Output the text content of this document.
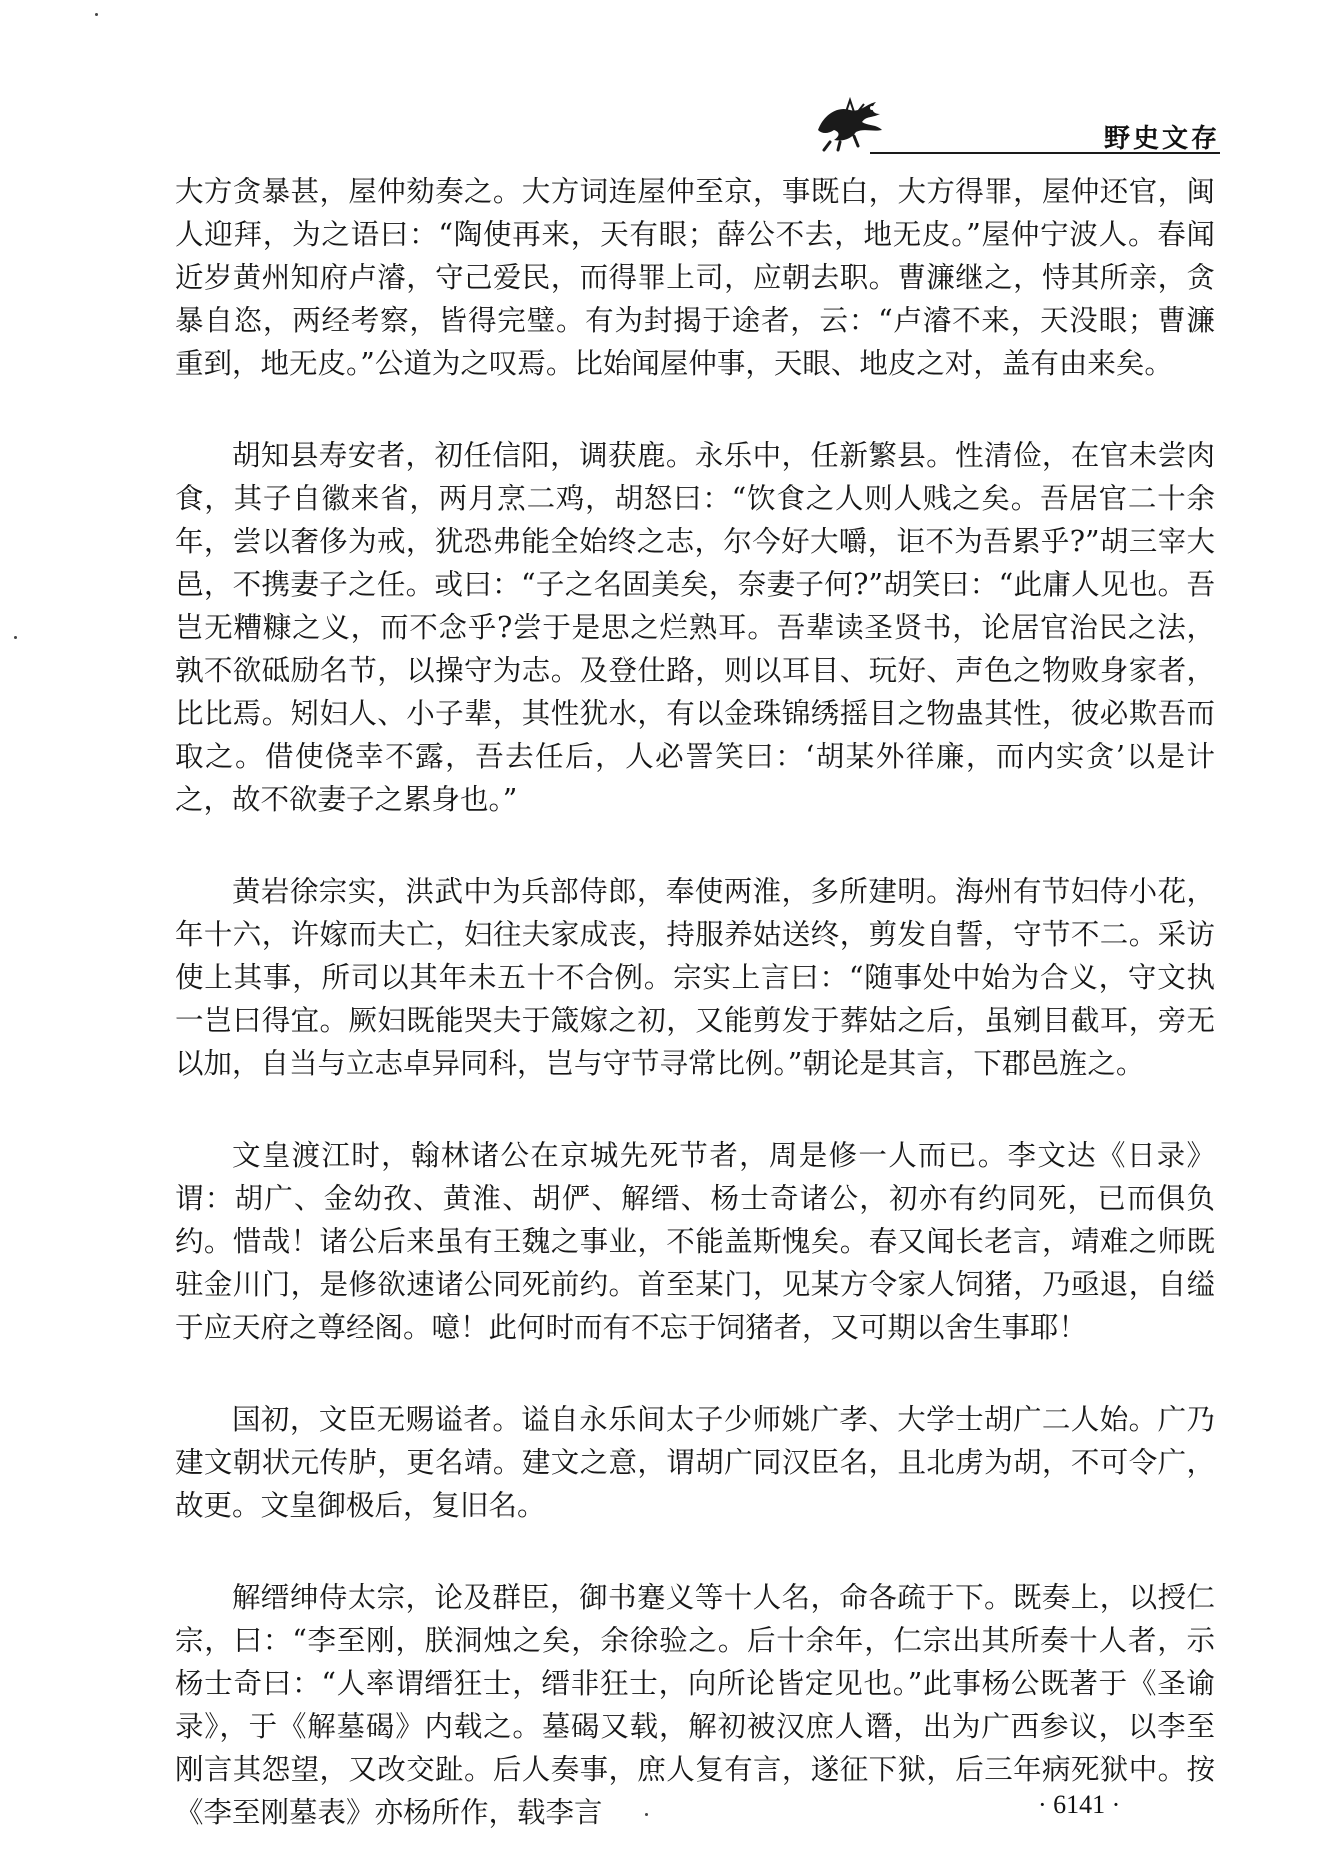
野史文存

大方贪暴甚，屋仲劾奏之。大方词连屋仲至京，事既白，大方得罪，屋仲还官，闽人迎拜，为之语曰：“陶使再来，天有眼；薛公不去，地无皮。”屋仲宁波人。春闻近岁黄州知府卢濬，守己爱民，而得罪上司，应朝去职。曹濂继之，恃其所亲，贪暴自恣，两经考察，皆得完璧。有为封揭于途者，云：“卢濬不来，天没眼；曹濂重到，地无皮。”公道为之叹焉。比始闻屋仲事，天眼、地皮之对，盖有由来矣。

胡知县寿安者，初任信阳，调获鹿。永乐中，任新繁县。性清俭，在官未尝肉食，其子自徽来省，两月烹二鸡，胡怒曰：“饮食之人则人贱之矣。吾居官二十余年，尝以奢侈为戒，犹恐弗能全始终之志，尔今好大嚼，讵不为吾累乎?”胡三宰大邑，不携妻子之任。或曰：“子之名固美矣，奈妻子何?”胡笑曰：“此庸人见也。吾岂无糟糠之义，而不念乎?尝于是思之烂熟耳。吾辈读圣贤书，论居官治民之法，孰不欲砥励名节，以操守为志。及登仕路，则以耳目、玩好、声色之物败身家者，比比焉。矧妇人、小子辈，其性犹水，有以金珠锦绣摇目之物蛊其性，彼必欺吾而取之。借使侥幸不露，吾去任后，人必詈笑曰：‘胡某外徉廉，而内实贪’以是计之，故不欲妻子之累身也。”

黄岩徐宗实，洪武中为兵部侍郎，奉使两淮，多所建明。海州有节妇侍小花，年十六，许嫁而夫亡，妇往夫家成丧，持服养姑送终，剪发自誓，守节不二。采访使上其事，所司以其年未五十不合例。宗实上言曰：“随事处中始为合义，守文执一岂曰得宜。厥妇既能哭夫于箴嫁之初，又能剪发于葬姑之后，虽剜目截耳，旁无以加，自当与立志卓异同科，岂与守节寻常比例。”朝论是其言，下郡邑旌之。

文皇渡江时，翰林诸公在京城先死节者，周是修一人而已。李文达《日录》谓：胡广、金幼孜、黄淮、胡俨、解缙、杨士奇诸公，初亦有约同死，已而俱负约。惜哉！诸公后来虽有王魏之事业，不能盖斯愧矣。春又闻长老言，靖难之师既驻金川门，是修欲速诸公同死前约。首至某门，见某方令家人饲猪，乃亟退，自缢于应天府之尊经阁。噫！此何时而有不忘于饲猪者，又可期以舍生事耶！

国初，文臣无赐谥者。谥自永乐间太子少师姚广孝、大学士胡广二人始。广乃建文朝状元传胪，更名靖。建文之意，谓胡广同汉臣名，且北虏为胡，不可令广，故更。文皇御极后，复旧名。

解缙绅侍太宗，论及群臣，御书蹇义等十人名，命各疏于下。既奏上，以授仁宗，曰：“李至刚，朕洞烛之矣，余徐验之。后十余年，仁宗出其所奏十人者，示杨士奇曰：“人率谓缙狂士，缙非狂士，向所论皆定见也。”此事杨公既著于《圣谕录》，于《解墓碣》内载之。墓碣又载，解初被汉庶人谮，出为广西参议，以李至刚言其怨望，又改交趾。后人奏事，庶人复有言，遂征下狱，后三年病死狱中。按《李至刚墓表》亦杨所作，载李言	· 6141 ·
